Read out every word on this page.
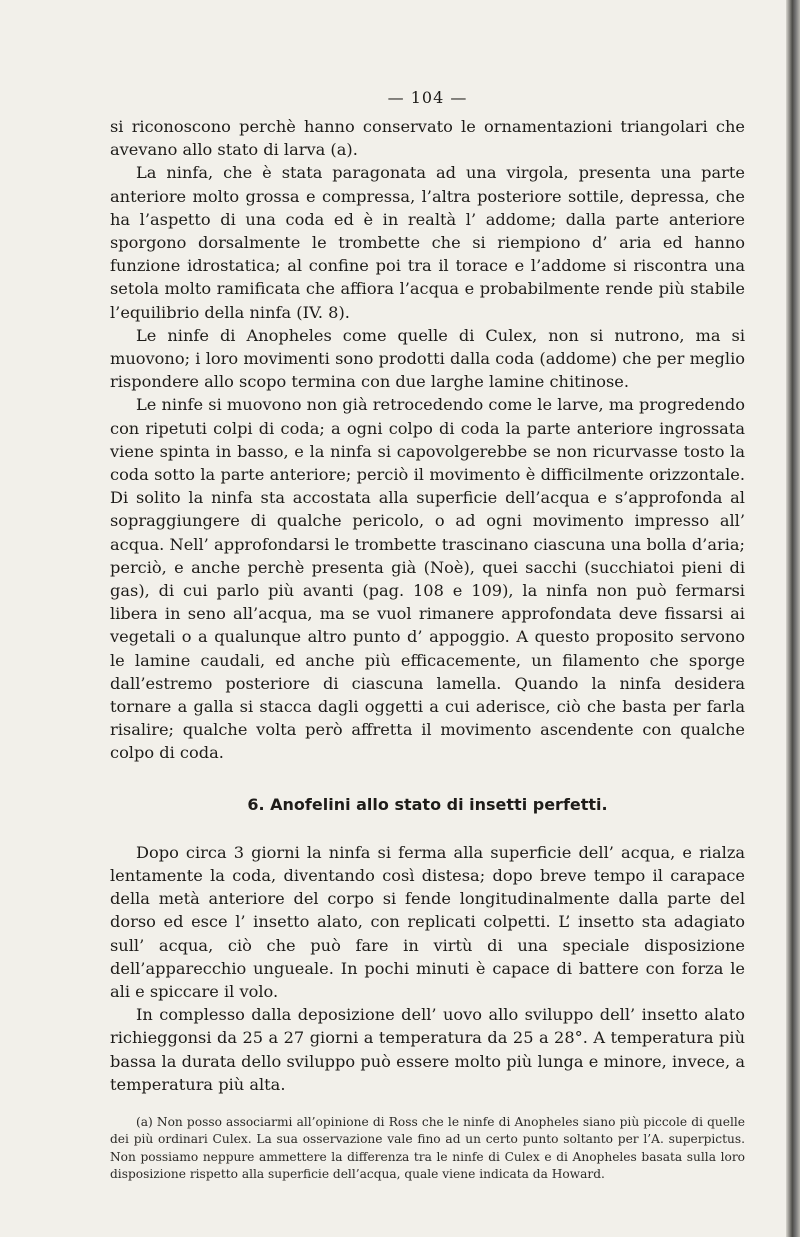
— 104 —

si riconoscono perchè hanno conservato le ornamentazioni triangolari che avevano allo stato di larva (a).

La ninfa, che è stata paragonata ad una virgola, presenta una parte anteriore molto grossa e compressa, l’altra posteriore sottile, depressa, che ha l’aspetto di una coda ed è in realtà l’ addome; dalla parte anteriore sporgono dorsalmente le trombette che si riempiono d’ aria ed hanno funzione idrostatica; al confine poi tra il torace e l’addome si riscontra una setola molto ramificata che affiora l’acqua e probabilmente rende più stabile l’equilibrio della ninfa (IV. 8).

Le ninfe di Anopheles come quelle di Culex, non si nutrono, ma si muovono; i loro movimenti sono prodotti dalla coda (addome) che per meglio rispondere allo scopo termina con due larghe lamine chitinose.

Le ninfe si muovono non già retrocedendo come le larve, ma progredendo con ripetuti colpi di coda; a ogni colpo di coda la parte anteriore ingrossata viene spinta in basso, e la ninfa si capovolgerebbe se non ricurvasse tosto la coda sotto la parte anteriore; perciò il movimento è difficilmente orizzontale. Di solito la ninfa sta accostata alla superficie dell’acqua e s’approfonda al sopraggiungere di qualche pericolo, o ad ogni movimento impresso all’ acqua. Nell’ approfondarsi le trombette trascinano ciascuna una bolla d’aria; perciò, e anche perchè presenta già (Noè), quei sacchi (succhiatoi pieni di gas), di cui parlo più avanti (pag. 108 e 109), la ninfa non può fermarsi libera in seno all’acqua, ma se vuol rimanere approfondata deve fissarsi ai vegetali o a qualunque altro punto d’ appoggio. A questo proposito servono le lamine caudali, ed anche più efficacemente, un filamento che sporge dall’estremo posteriore di ciascuna lamella. Quando la ninfa desidera tornare a galla si stacca dagli oggetti a cui aderisce, ciò che basta per farla risalire; qualche volta però affretta il movimento ascendente con qualche colpo di coda.

6. Anofelini allo stato di insetti perfetti.

Dopo circa 3 giorni la ninfa si ferma alla superficie dell’ acqua, e rialza lentamente la coda, diventando così distesa; dopo breve tempo il carapace della metà anteriore del corpo si fende longitudinalmente dalla parte del dorso ed esce l’ insetto alato, con replicati colpetti. L’ insetto sta adagiato sull’ acqua, ciò che può fare in virtù di una speciale disposizione dell’apparecchio ungueale. In pochi minuti è capace di battere con forza le ali e spiccare il volo.

In complesso dalla deposizione dell’ uovo allo sviluppo dell’ insetto alato richieggonsi da 25 a 27 giorni a temperatura da 25 a 28°. A temperatura più bassa la durata dello sviluppo può essere molto più lunga e minore, invece, a temperatura più alta.

(a) Non posso associarmi all’opinione di Ross che le ninfe di Anopheles siano più piccole di quelle dei più ordinari Culex. La sua osservazione vale fino ad un certo punto soltanto per l’A. superpictus. Non possiamo neppure ammettere la differenza tra le ninfe di Culex e di Anopheles basata sulla loro disposizione rispetto alla superficie dell’acqua, quale viene indicata da Howard.
